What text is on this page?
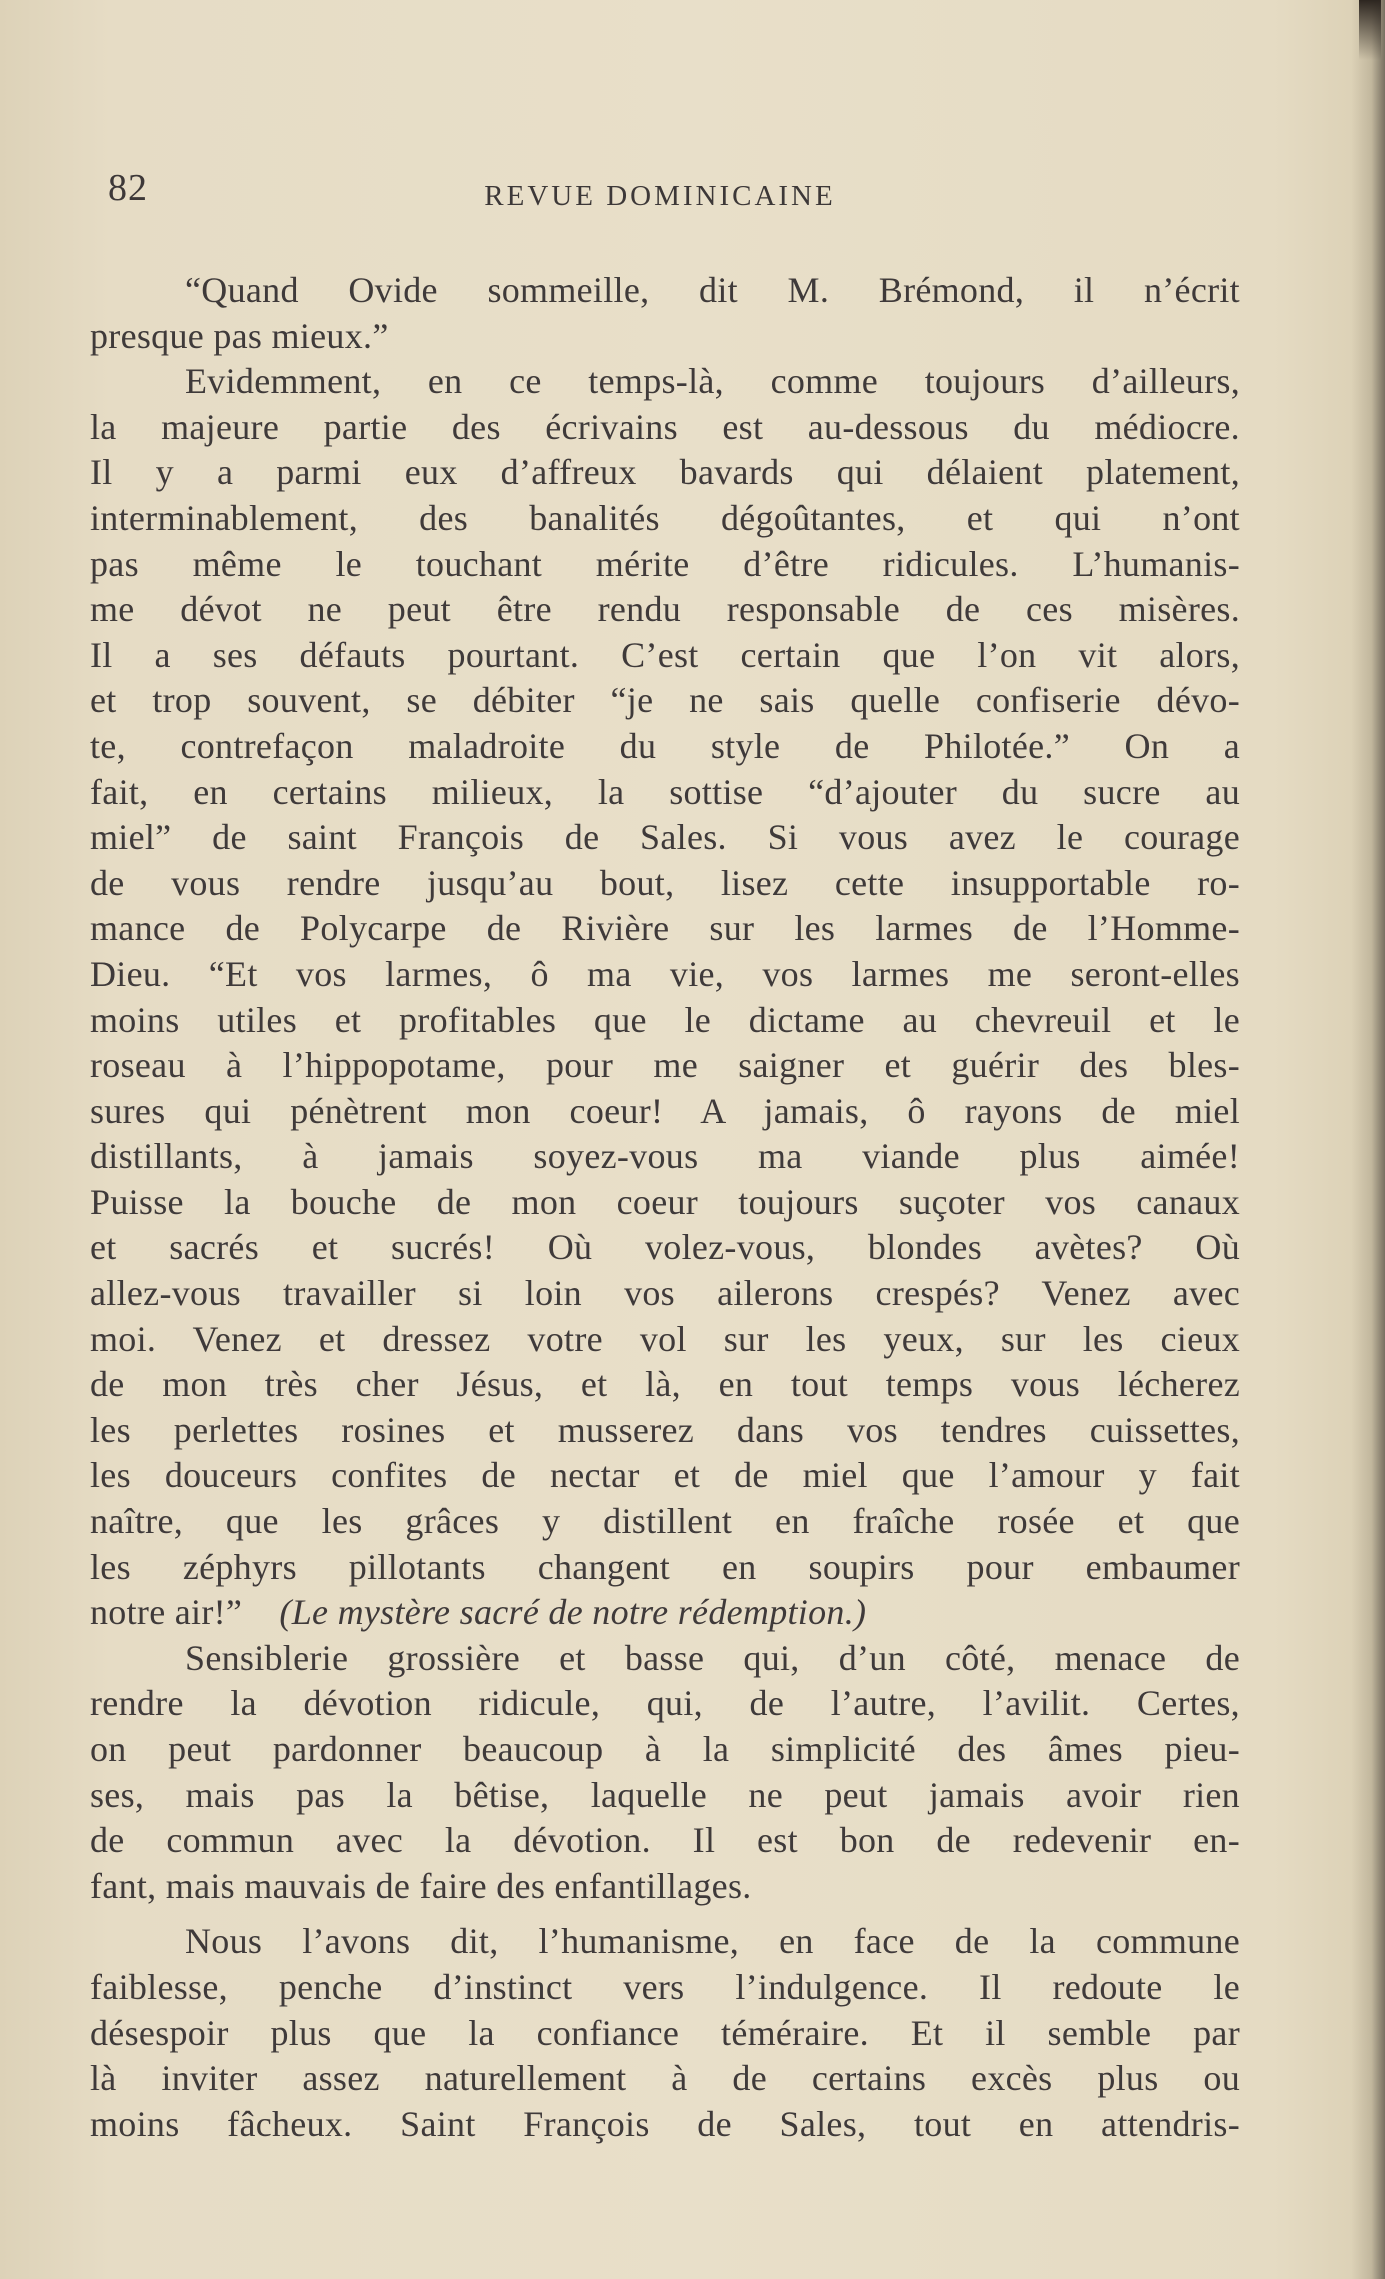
82	REVUE DOMINICAINE
“Quand Ovide sommeille, dit M. Brémond, il n’écrit
presque pas mieux.”
Evidemment, en ce temps-là, comme toujours d’ailleurs,
la majeure partie des écrivains est au-dessous du médiocre.
Il y a parmi eux d’affreux bavards qui délaient platement,
interminablement, des banalités dégoûtantes, et qui n’ont
pas même le touchant mérite d’être ridicules. L’humanis-
me dévot ne peut être rendu responsable de ces misères.
Il a ses défauts pourtant. C’est certain que l’on vit alors,
et trop souvent, se débiter “je ne sais quelle confiserie dévo-
te, contrefaçon maladroite du style de Philotée.” On a
fait, en certains milieux, la sottise “d’ajouter du sucre au
miel” de saint François de Sales. Si vous avez le courage
de vous rendre jusqu’au bout, lisez cette insupportable ro-
mance de Polycarpe de Rivière sur les larmes de l’Homme-
Dieu. “Et vos larmes, ô ma vie, vos larmes me seront-elles
moins utiles et profitables que le dictame au chevreuil et le
roseau à l’hippopotame, pour me saigner et guérir des bles-
sures qui pénètrent mon coeur! A jamais, ô rayons de miel
distillants, à jamais soyez-vous ma viande plus aimée!
Puisse la bouche de mon coeur toujours suçoter vos canaux
et sacrés et sucrés! Où volez-vous, blondes avètes? Où
allez-vous travailler si loin vos ailerons crespés? Venez avec
moi. Venez et dressez votre vol sur les yeux, sur les cieux
de mon très cher Jésus, et là, en tout temps vous lécherez
les perlettes rosines et musserez dans vos tendres cuissettes,
les douceurs confites de nectar et de miel que l’amour y fait
naître, que les grâces y distillent en fraîche rosée et que
les zéphyrs pillotants changent en soupirs pour embaumer
notre air!” (Le mystère sacré de notre rédemption.)
Sensiblerie grossière et basse qui, d’un côté, menace de
rendre la dévotion ridicule, qui, de l’autre, l’avilit. Certes,
on peut pardonner beaucoup à la simplicité des âmes pieu-
ses, mais pas la bêtise, laquelle ne peut jamais avoir rien
de commun avec la dévotion. Il est bon de redevenir en-
fant, mais mauvais de faire des enfantillages.
Nous l’avons dit, l’humanisme, en face de la commune
faiblesse, penche d’instinct vers l’indulgence. Il redoute le
désespoir plus que la confiance téméraire. Et il semble par
là inviter assez naturellement à de certains excès plus ou
moins fâcheux. Saint François de Sales, tout en attendris-
